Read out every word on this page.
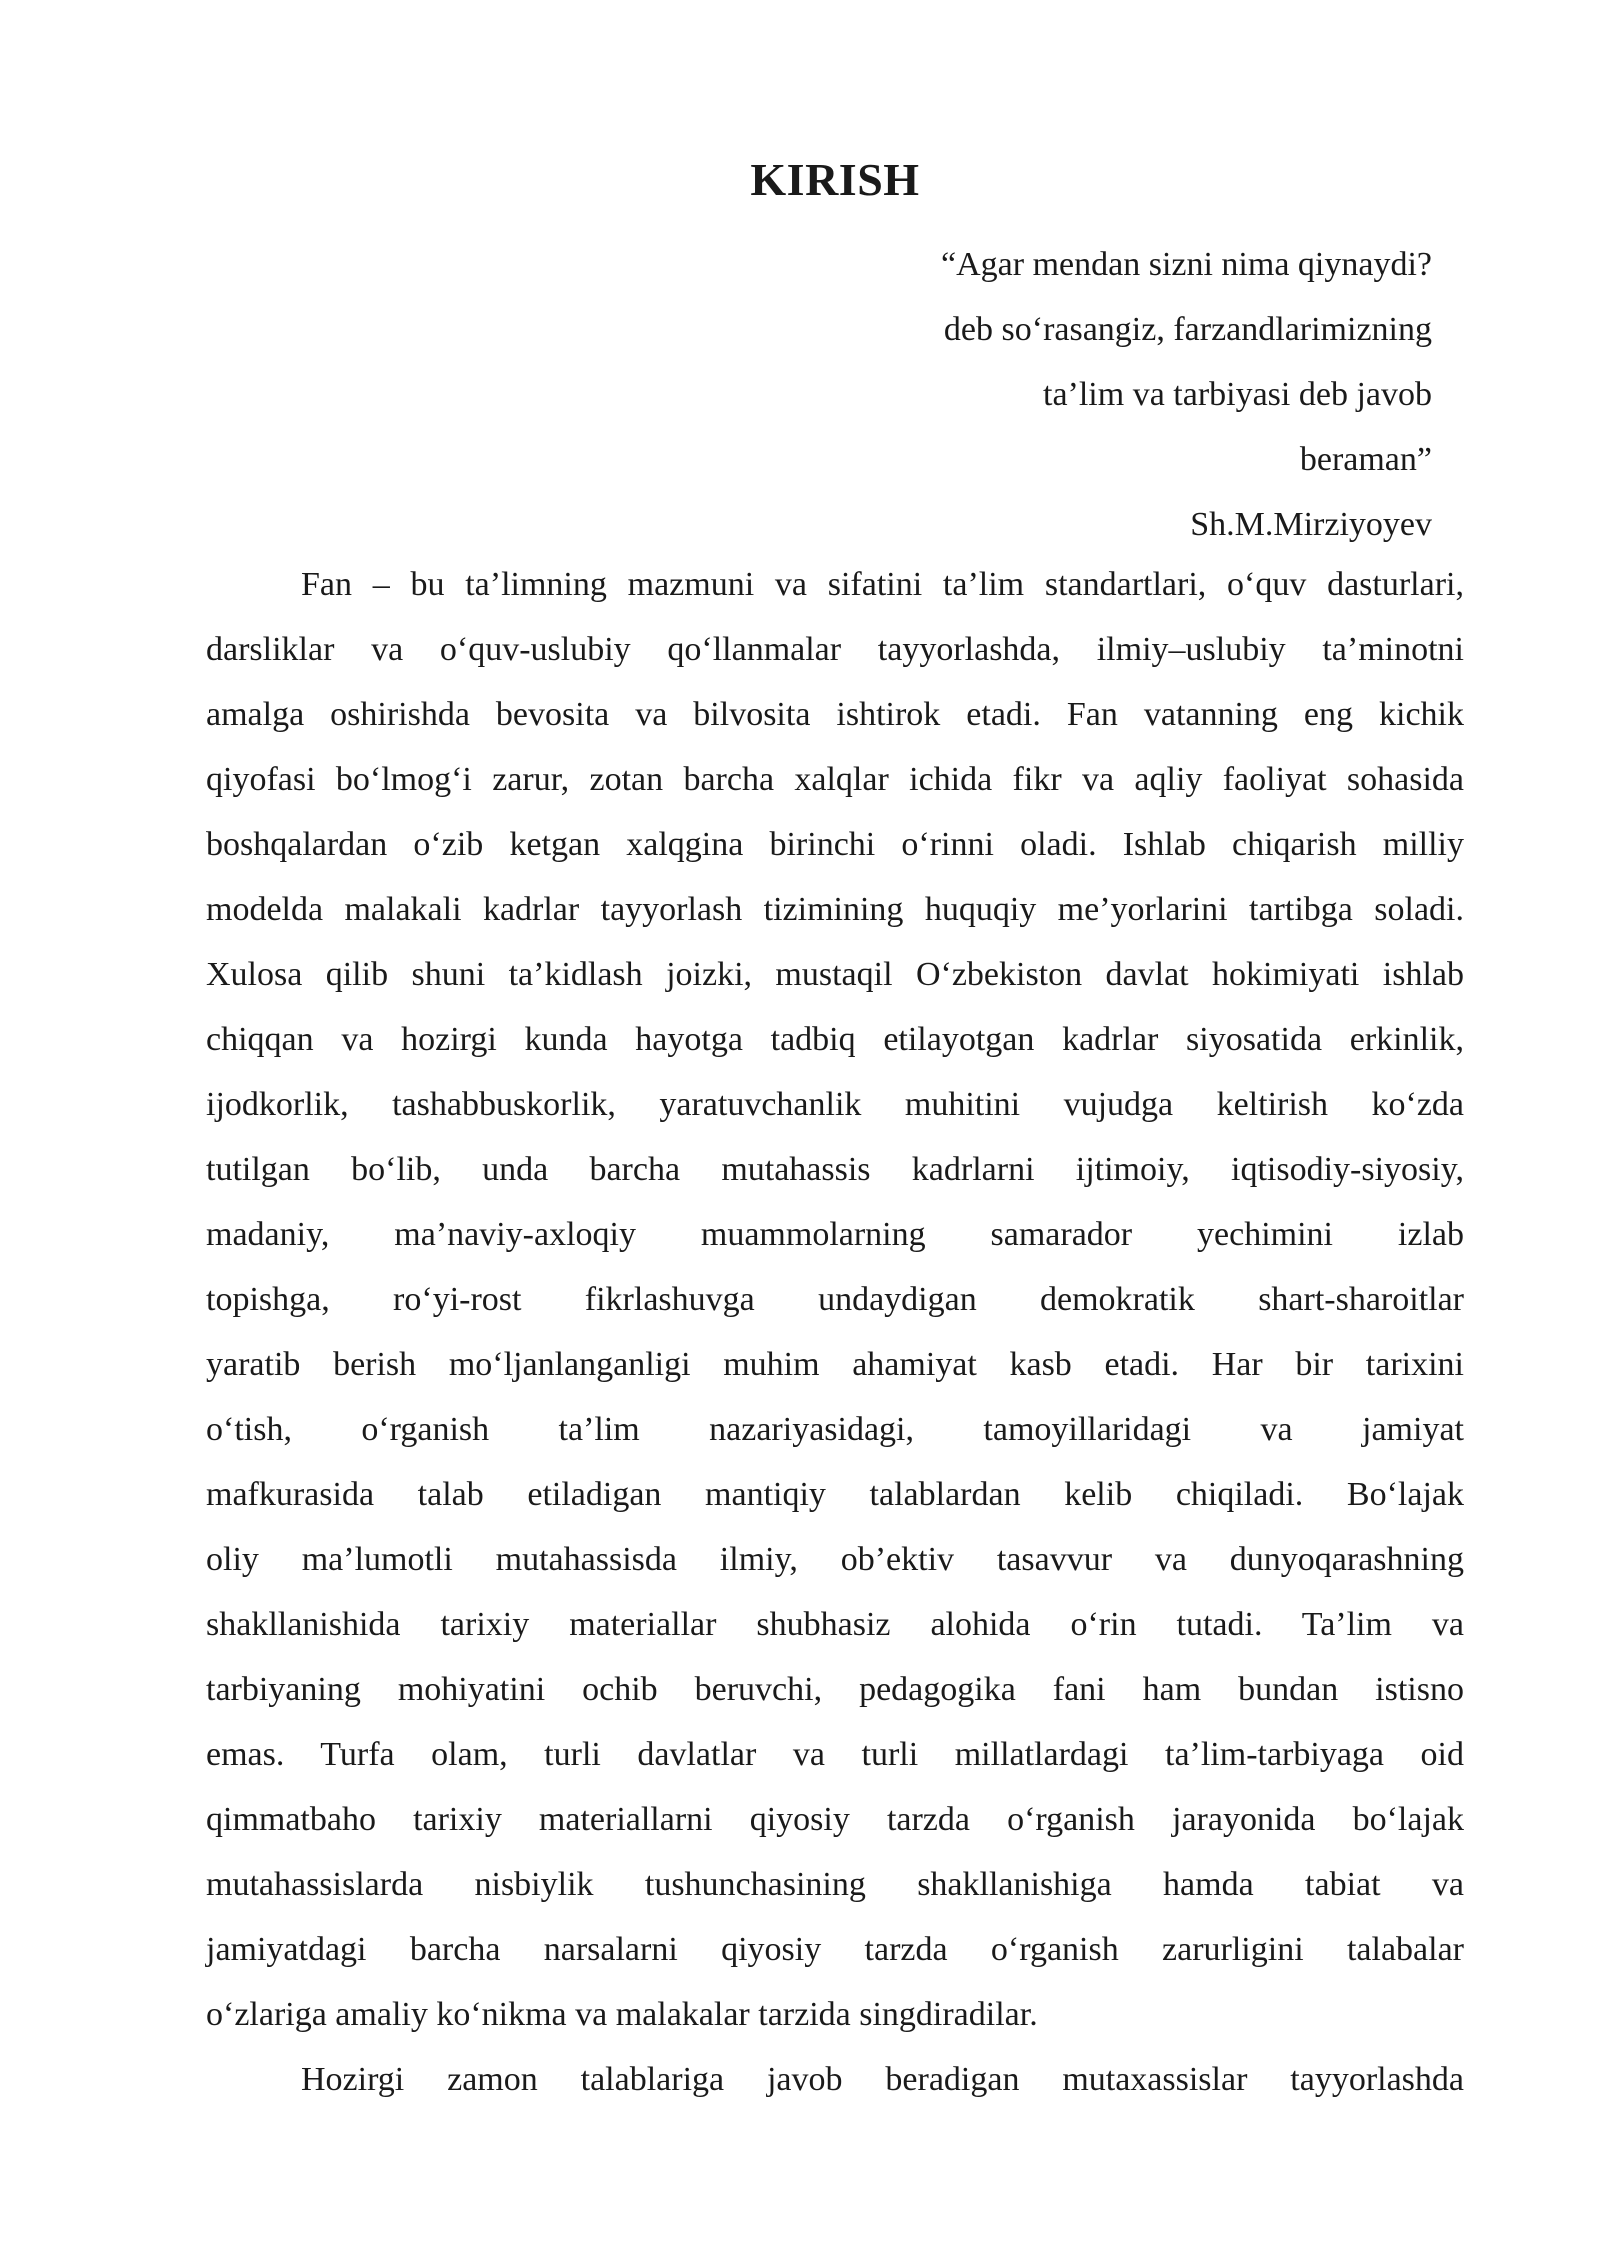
KIRISH
“Agar mendan sizni nima qiynaydi?
deb so‘rasangiz, farzandlarimizning
ta’lim va tarbiyasi deb javob
beraman”
Sh.M.Mirziyoyev
Fan – bu ta’limning mazmuni va sifatini ta’lim standartlari, o‘quv dasturlari,
darsliklar va o‘quv-uslubiy qo‘llanmalar tayyorlashda, ilmiy–uslubiy ta’minotni
amalga oshirishda bevosita va bilvosita ishtirok etadi. Fan vatanning eng kichik
qiyofasi bo‘lmog‘i zarur, zotan barcha xalqlar ichida fikr va aqliy faoliyat sohasida
boshqalardan o‘zib ketgan xalqgina birinchi o‘rinni oladi. Ishlab chiqarish milliy
modelda malakali kadrlar tayyorlash tizimining huquqiy me’yorlarini tartibga soladi.
Xulosa qilib shuni ta’kidlash joizki, mustaqil O‘zbekiston davlat hokimiyati ishlab
chiqqan va hozirgi kunda hayotga tadbiq etilayotgan kadrlar siyosatida erkinlik,
ijodkorlik, tashabbuskorlik, yaratuvchanlik muhitini vujudga keltirish ko‘zda
tutilgan bo‘lib, unda barcha mutahassis kadrlarni ijtimoiy, iqtisodiy-siyosiy,
madaniy, ma’naviy-axloqiy muammolarning samarador yechimini izlab
topishga, ro‘yi-rost fikrlashuvga undaydigan demokratik shart-sharoitlar
yaratib berish mo‘ljanlanganligi muhim ahamiyat kasb etadi. Har bir tarixini
o‘tish, o‘rganish ta’lim nazariyasidagi, tamoyillaridagi va jamiyat
mafkurasida talab etiladigan mantiqiy talablardan kelib chiqiladi. Bo‘lajak
oliy ma’lumotli mutahassisda ilmiy, ob’ektiv tasavvur va dunyoqarashning
shakllanishida tarixiy materiallar shubhasiz alohida o‘rin tutadi. Ta’lim va
tarbiyaning mohiyatini ochib beruvchi, pedagogika fani ham bundan istisno
emas. Turfa olam, turli davlatlar va turli millatlardagi ta’lim-tarbiyaga oid
qimmatbaho tarixiy materiallarni qiyosiy tarzda o‘rganish jarayonida bo‘lajak
mutahassislarda nisbiylik tushunchasining shakllanishiga hamda tabiat va
jamiyatdagi barcha narsalarni qiyosiy tarzda o‘rganish zarurligini talabalar
o‘zlariga amaliy ko‘nikma va malakalar tarzida singdiradilar.
Hozirgi zamon talablariga javob beradigan mutaxassislar tayyorlashda
